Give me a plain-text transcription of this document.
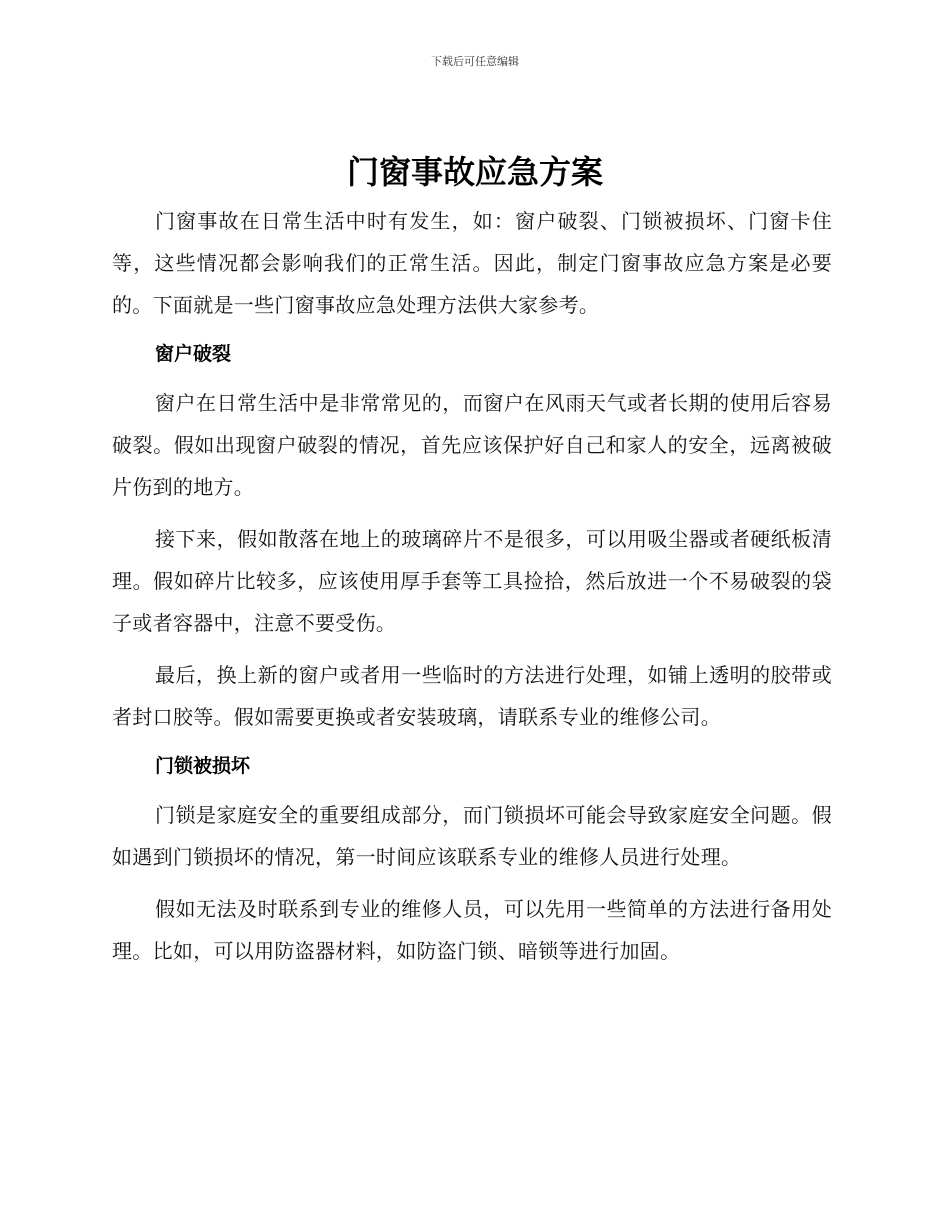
下载后可任意编辑
门窗事故应急方案

门窗事故在日常生活中时有发生，如：窗户破裂、门锁被损坏、门窗卡住等，这些情况都会影响我们的正常生活。因此，制定门窗事故应急方案是必要的。下面就是一些门窗事故应急处理方法供大家参考。

窗户破裂

窗户在日常生活中是非常常见的，而窗户在风雨天气或者长期的使用后容易破裂。假如出现窗户破裂的情况，首先应该保护好自己和家人的安全，远离被破片伤到的地方。

接下来，假如散落在地上的玻璃碎片不是很多，可以用吸尘器或者硬纸板清理。假如碎片比较多，应该使用厚手套等工具捡拾，然后放进一个不易破裂的袋子或者容器中，注意不要受伤。

最后，换上新的窗户或者用一些临时的方法进行处理，如铺上透明的胶带或者封口胶等。假如需要更换或者安装玻璃，请联系专业的维修公司。

门锁被损坏

门锁是家庭安全的重要组成部分，而门锁损坏可能会导致家庭安全问题。假如遇到门锁损坏的情况，第一时间应该联系专业的维修人员进行处理。

假如无法及时联系到专业的维修人员，可以先用一些简单的方法进行备用处理。比如，可以用防盗器材料，如防盗门锁、暗锁等进行加固。
